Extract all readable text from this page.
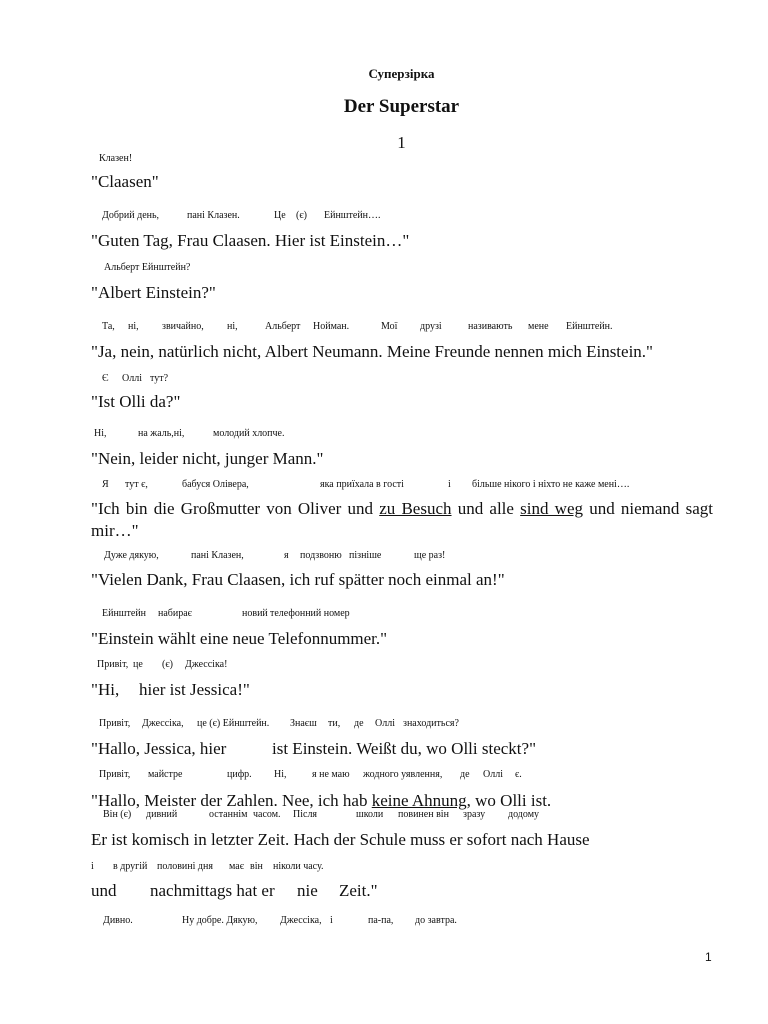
Суперзірка
Der Superstar
1
Клазен!
"Claasen"
Добрий день,	пані Клазен.	Це (є) Ейнштейн….
"Guten Tag, Frau Claasen. Hier ist Einstein…"
Альберт Ейнштейн?
"Albert Einstein?"
Та, ні, звичайно, ні,	Альберт Нойман.	Мої друзі	називають мене Ейнштейн.
"Ja, nein, natürlich nicht, Albert Neumann. Meine Freunde nennen mich Einstein."
Є Оллі тут?
"Ist Olli da?"
Ні,	на жаль,ні,	молодий хлопче.
"Nein, leider nicht, junger Mann."
Я тут є,	бабуся Олівера,	яка приїхала в гості	і більше нікого і ніхто не каже мені….
"Ich bin die Großmutter von Oliver und zu Besuch und alle sind weg und niemand sagt mir…"
Дуже дякую,	пані Клазен,	я подзвоню пізніше	ще раз!
"Vielen Dank, Frau Claasen, ich ruf spätter noch einmal an!"
Ейнштейн набирає	новий телефонний номер
"Einstein wählt eine neue Telefonnummer."
Привіт, це (є) Джессіка!
"Hi, hier ist Jessica!"
Привіт, Джессіка, це (є) Ейнштейн. Знаєш ти, де Оллі знаходиться?
"Hallo, Jessica, hier	ist Einstein. Weißt du, wo Olli steckt?"
Привіт, майстре	цифр. Ні,	я не маю жодного уявлення, де Оллі є.
"Hallo, Meister der Zahlen. Nee, ich hab keine Ahnung, wo Olli ist.
Він (є) дивний	останнім часом. Після	школи повинен він зразу додому
Er ist komisch in letzter Zeit. Hach der Schule muss er sofort nach Hause
і в другій половині дня має він ніколи часу.
und nachmittags hat er nie Zeit."
Дивно.	Ну добре. Дякую, Джессіка, і	па-па, до завтра.
1
